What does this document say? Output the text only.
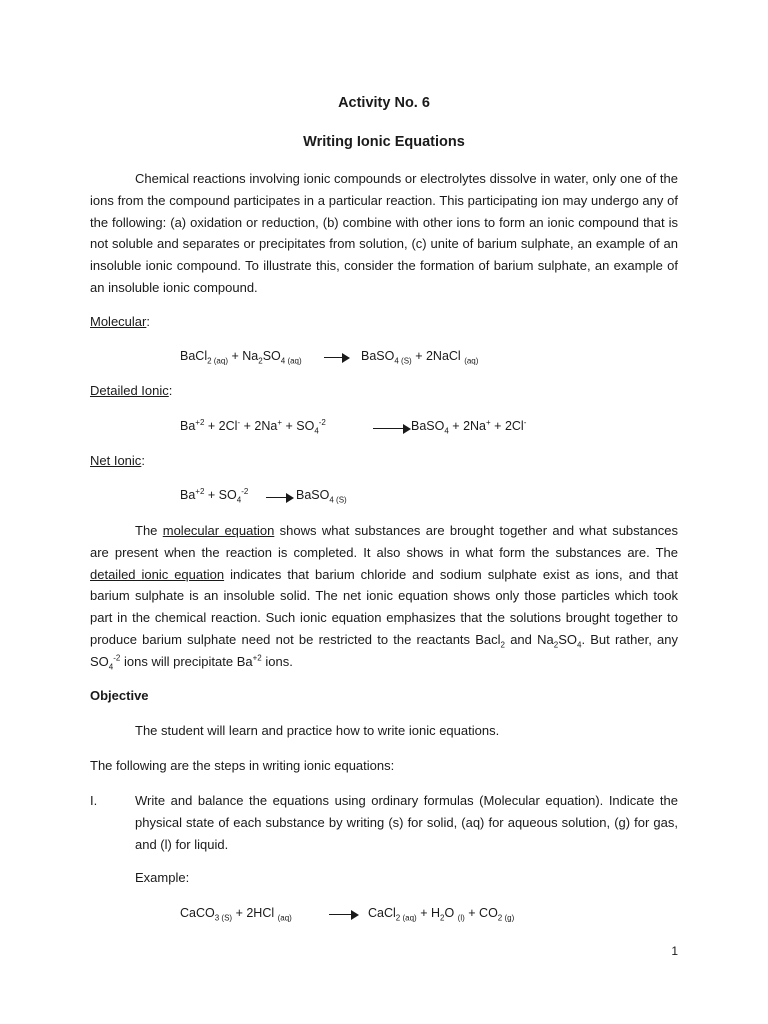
Activity No. 6
Writing Ionic Equations
Chemical reactions involving ionic compounds or electrolytes dissolve in water, only one of the ions from the compound participates in a particular reaction. This participating ion may undergo any of the following: (a) oxidation or reduction, (b) combine with other ions to form an ionic compound that is not soluble and separates or precipitates from solution, (c) unite of barium sulphate, an example of an insoluble ionic compound. To illustrate this, consider the formation of barium sulphate, an example of an insoluble ionic compound.
Molecular:
BaCl$_{2 (aq)}$ + $Na_2SO_{4 (aq)}$	BaSO$_{4 (S)}$ + 2NaCl $_{(aq)}$
Detailed Ionic:
$Ba^{+2} + 2Cl^- + 2Na^+ + SO_4^{-2}$	BaSO$_4$ + 2Na+ + 2Cl-
Net Ionic:
$Ba^{+2} + SO_4^{-2}$	BaSO$_{4 (S)}$
The molecular equation shows what substances are brought together and what substances are present when the reaction is completed. It also shows in what form the substances are. The detailed ionic equation indicates that barium chloride and sodium sulphate exist as ions, and that barium sulphate is an insoluble solid. The net ionic equation shows only those particles which took part in the chemical reaction. Such ionic equation emphasizes that the solutions brought together to produce barium sulphate need not be restricted to the reactants Bacl$_2$ and $Na_2SO_4$. But rather, any $SO_4^{-2}$ ions will precipitate $Ba^{+2}$ ions.
Objective
The student will learn and practice how to write ionic equations.
The following are the steps in writing ionic equations:
I.	Write and balance the equations using ordinary formulas (Molecular equation). Indicate the physical state of each substance by writing (s) for solid, (aq) for aqueous solution, (g) for gas, and (l) for liquid.
Example:
CaCO$_{3 (S)}$ + 2HCl $_{(aq)}$	CaCl$_{2 (aq)}$ + $H_2O$ $_{(l)} + CO_{2 (g)}$
1
